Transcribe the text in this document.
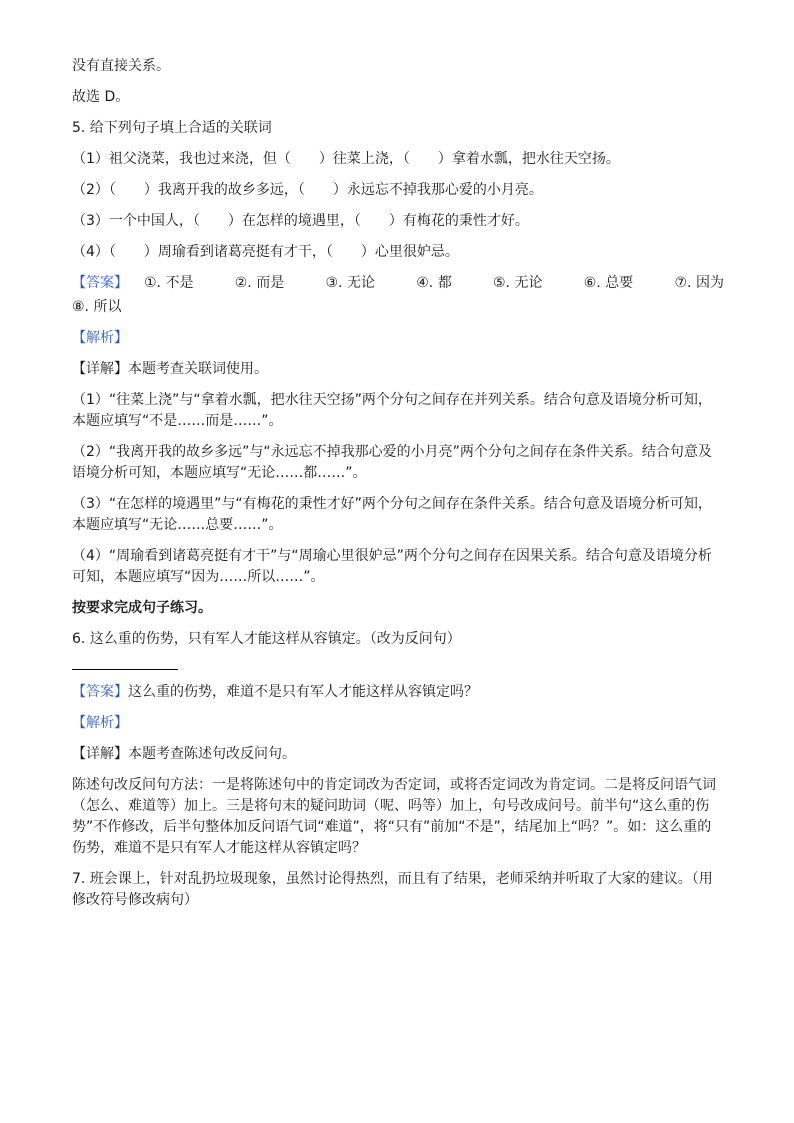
没有直接关系。

故选 D。

5. 给下列句子填上合适的关联词

（1）祖父浇菜，我也过来浇，但（　　）往菜上浇，（　　）拿着水瓢，把水往天空扬。

（2）（　　）我离开我的故乡多远，（　　）永远忘不掉我那心爱的小月亮。

（3）一个中国人，（　　）在怎样的境遇里，（　　）有梅花的秉性才好。

（4）（　　）周瑜看到诸葛亮挺有才干，（　　）心里很妒忌。

【答案】	①. 不是	②. 而是	③. 无论	④. 都	⑤. 无论	⑥. 总要	⑦. 因为

⑧. 所以

【解析】

【详解】本题考查关联词使用。

（1）“往菜上浇”与“拿着水瓢，把水往天空扬”两个分句之间存在并列关系。结合句意及语境分析可知，本题应填写“不是……而是……”。

（2）“我离开我的故乡多远”与“永远忘不掉我那心爱的小月亮”两个分句之间存在条件关系。结合句意及语境分析可知，本题应填写“无论……都……”。

（3）“在怎样的境遇里”与“有梅花的秉性才好”两个分句之间存在条件关系。结合句意及语境分析可知，本题应填写“无论……总要……”。

（4）“周瑜看到诸葛亮挺有才干”与“周瑜心里很妒忌”两个分句之间存在因果关系。结合句意及语境分析可知，本题应填写“因为……所以……”。

按要求完成句子练习。

6. 这么重的伤势，只有军人才能这样从容镇定。（改为反问句）

【答案】这么重的伤势，难道不是只有军人才能这样从容镇定吗？

【解析】

【详解】本题考查陈述句改反问句。

陈述句改反问句方法：一是将陈述句中的肯定词改为否定词，或将否定词改为肯定词。二是将反问语气词（怎么、难道等）加上。三是将句末的疑问助词（呢、吗等）加上，句号改成问号。前半句“这么重的伤势”不作修改，后半句整体加反问语气词“难道”，将“只有”前加“不是”，结尾加上“吗？”。如：这么重的伤势，难道不是只有军人才能这样从容镇定吗？

7. 班会课上，针对乱扔垃圾现象，虽然讨论得热烈，而且有了结果，老师采纳并听取了大家的建议。（用修改符号修改病句）
